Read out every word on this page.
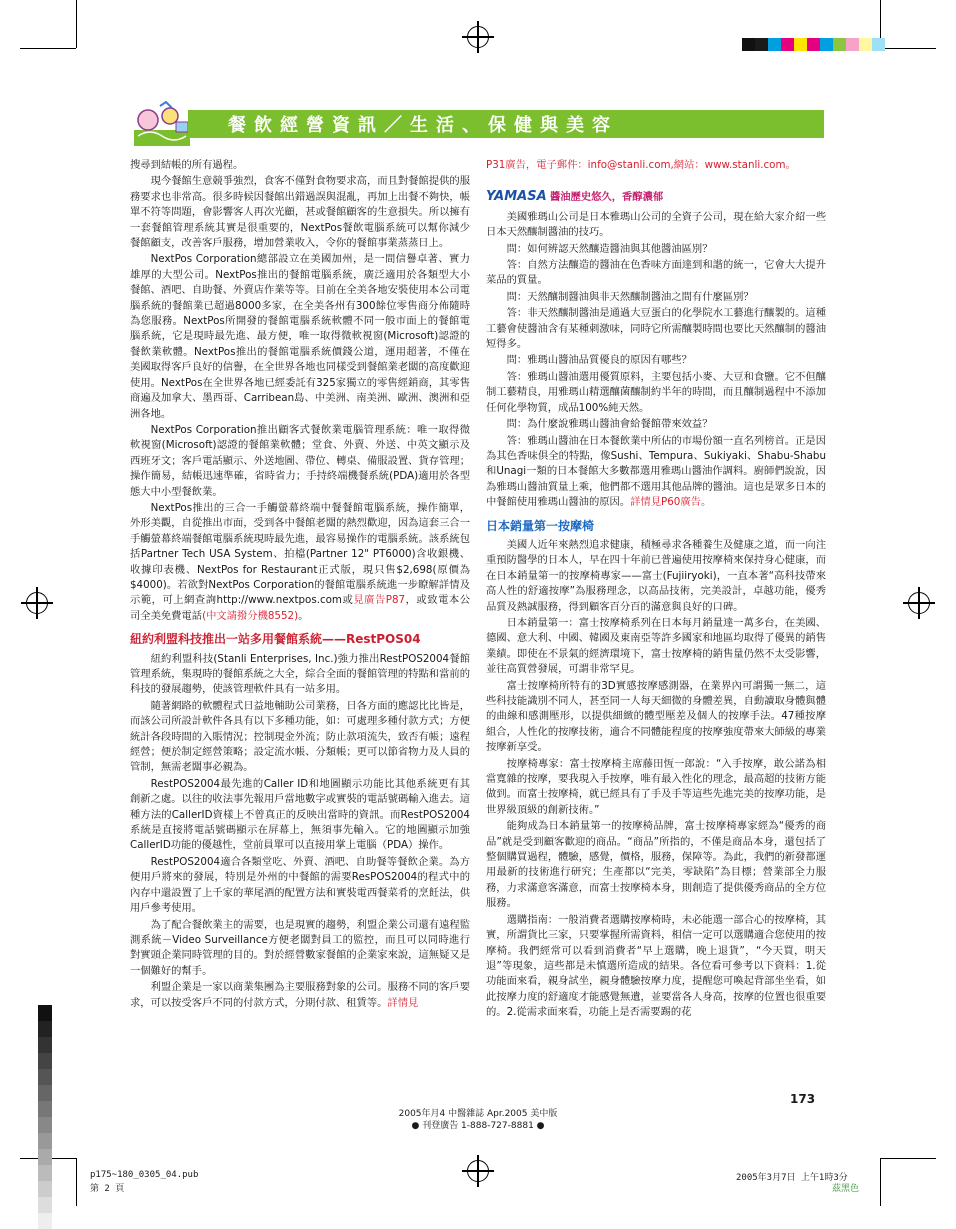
餐飲經營資訊／生活、保健與美容

搜尋到結帳的所有過程。

現今餐館生意競爭強烈，食客不僅對食物要求高，而且對餐館提供的服務要求也非常高。很多時候因餐館出錯過誤與混亂，再加上出餐不夠快，帳單不符等問題，會影響客人再次光顧，甚或餐館顧客的生意損失。所以擁有一套餐館管理系統其實是很重要的，NextPos餐飲電腦系統可以幫你減少餐館顧支，改善客戶服務，增加營業收入，令你的餐館事業蒸蒸日上。

NextPos Corporation總部設立在美國加州，是一間信譽卓著、實力雄厚的大型公司。NextPos推出的餐館電腦系統，廣泛適用於各類型大小餐館、酒吧、自助餐、外賣店作業等等。目前在全美各地安裝使用本公司電腦系統的餐館業已超過8000多家，在全美各州有300餘位零售商分佈隨時為您服務。NextPos所開發的餐館電腦系統軟體不同一般市面上的餐館電腦系統，它是現時最先進、最方便，唯一取得微軟視窗(Microsoft)認證的餐飲業軟體。NextPos推出的餐館電腦系統價錢公道，運用超著，不僅在美國取得客戶良好的信譽，在全世界各地也同樣受到餐館業老闆的高度歡迎使用。NextPos在全世界各地已經委託有325家獨立的零售經銷商，其零售商遍及加拿大、墨西哥、Carribean島、中美洲、南美洲、歐洲、澳洲和亞洲各地。

NextPos Corporation推出顧客式餐飲業電腦管理系統：唯一取得微軟視窗(Microsoft)認證的餐館業軟體；堂食、外賣、外送、中英文顯示及西班牙文；客戶電話顯示、外送地圖、帶位、轉桌、備服設置、貨存管理；操作簡易，結帳迅速準確，省時省力；手持終端機餐系統(PDA)適用於各型態大中小型餐飲業。

NextPos推出的三合一手觸螢幕終端中餐餐館電腦系統，操作簡單，外形美觀，自從推出市面，受到各中餐館老闆的熱烈歡迎，因為這套三合一手觸螢幕終端餐館電腦系統現時最先進，最容易操作的電腦系統。該系統包括Partner Tech USA System、拍檔(Partner 12" PT6000)含收銀機、收據印表機、NextPos for Restaurant正式版，現只售$2,698(原價為$4000)。若欲對NextPos Corporation的餐館電腦系統進一步瞭解詳情及示範，可上網查詢http://www.nextpos.com或見廣告P87，或致電本公司全美免費電話(中文請撥分機8552)。

紐約利盟科技推出一站多用餐館系統——RestPOS04

紐約利盟科技(Stanli Enterprises, Inc.)強力推出RestPOS2004餐館管理系統，集現時的餐館系統之大全，綜合全面的餐館管理的特點和當前的科技的發展趨勢，使該管理軟件具有一站多用。

隨著網路的軟體程式日益地輔助公司業務，日各方面的應認比比皆是，而該公司所設計軟件各具有以下多種功能，如：可處理多種付款方式；方便統計各段時間的入賬情況；控制現金外流；防止款項流失，致否有帳；遠程經營；便於制定經營策略；設定流水帳、分類帳；更可以節省物力及人員的管制，無需老闆事必親為。

RestPOS2004最先進的Caller ID和地圖顯示功能比其他系統更有其創新之處。以往的收法事先報用戶當地數字或實裝的電話號碼輸入進去。這種方法的CallerID資樣上不曾真正的反映出當時的資訊。而RestPOS2004系統是直接將電話號碼顯示在屏幕上，無須事先輸入。它的地圖顯示加強CallerID功能的優越性，堂前員單可以直接用掌上電腦（PDA）操作。

RestPOS2004適合各類堂吃、外賣、酒吧、自助餐等餐飲企業。為方便用戶將來的發展，特別是外州的中餐館的需要ResPOS2004的程式中的內存中還設置了上千家的華尾酒的配置方法和實裝電西餐菜肴的烹飪法，供用戶參考使用。

為了配合餐飲業主的需要，也是現實的趨勢，利盟企業公司還有遠程監測系統－Video Surveillance方便老闆對員工的監控，而且可以同時進行對實頭企業同時管理的目的。對於經營數家餐館的企業家來說，這無疑又是一個難好的幫手。

利盟企業是一家以商業集團為主要服務對象的公司。服務不同的客戶要求，可以按受客戶不同的付款方式，分期付款、租賃等。詳情見

P31廣告，電子郵件：info@stanli.com,網站：www.stanli.com。

YAMASA 醬油歷史悠久，香醇濃郁

美國雅瑪山公司是日本雅瑪山公司的全資子公司，現在給大家介紹一些日本天然釀制醬油的技巧。

問：如何辨認天然釀造醬油與其他醬油區別？

答：自然方法釀造的醬油在色香味方面達到和諧的統一，它會大大提升菜品的質量。

問：天然釀制醬油與非天然釀制醬油之間有什麼區別？

答：非天然釀制醬油是通過大豆蛋白的化學院水工藝進行釀製的。這種工藝會使醬油含有某種刺激味，同時它所需釀製時間也要比天然釀制的醬油短得多。

問：雅瑪山醬油品質優良的原因有哪些？

答：雅瑪山醬油選用優質原料，主要包括小麥、大豆和食鹽。它不但釀制工藝精良，用雅瑪山精選釀菌釀制約半年的時間，而且釀制過程中不添加任何化學物質，成品100%純天然。

問：為什麼說雅瑪山醬油會給餐館帶來效益？

答：雅瑪山醬油在日本餐飲業中所佔的市場份額一直名列榜首。正是因為其色香味俱全的特點，像Sushi、Tempura、Sukiyaki、Shabu-Shabu和Unagi一類的日本餐館大多數都選用雅瑪山醬油作調料。廚師們說說，因為雅瑪山醬油質量上乘，他們都不選用其他品牌的醬油。這也是眾多日本的中餐館使用雅瑪山醬油的原因。詳情見P60廣告。

日本銷量第一按摩椅

美國人近年來熱烈追求健康，積極尋求各種養生及健康之道，而一向注重預防醫學的日本人，早在四十年前已普遍使用按摩椅來保持身心健康，而在日本銷量第一的按摩椅專家——富士(Fujiiryoki)，一直本著“高科技帶來高人性的舒適按摩”為服務理念，以高品技術，完美設計，卓越功能，優秀品質及熱誠服務，得到顧客百分百的滿意與良好的口碑。

日本銷量第一：富士按摩椅系列在日本每月銷量達一萬多台，在美國、德國、意大利、中國、韓國及東南亞等許多國家和地區均取得了優異的銷售業績。即使在不景氣的經濟環境下，富士按摩椅的銷售量仍然不太受影響，並往高質營發展，可謂非常罕見。

富士按摩椅所特有的3D實感按摩感測器，在業界內可謂獨一無二，這些科技能識別不同人，甚至同一人每天細微的身體差異，自動讀取身體與體的曲線和感測壓形，以提供細緻的體型壓差及個人的按摩手法。47種按摩組合，人性化的按摩技術，適合不同體能程度的按摩強度帶來大師級的專業按摩新享受。

按摩椅專家：富士按摩椅主席藤田恆一郎說：“入手按摩，敢公諾為相當寬雜的按摩，要我現入手按摩，唯有最入性化的理念，最高超的技術方能做到。而富士按摩椅，就已經具有了手及手等這些先進完美的按摩功能，是世界級頂級的創新技術。”

能夠成為日本銷量第一的按摩椅品牌，富士按摩椅專家經為“優秀的商品”就是受到顧客歡迎的商品。“商品”所指的，不僅是商品本身，還包括了整個購買過程，體驗，感覺，價格，服務，保障等。為此，我們的新發都運用最新的技術進行研究；生產都以“完美，零缺陷”為目標；營業部全力服務，力求滿意客滿意，而富士按摩椅本身，則創造了提供優秀商品的全方位服務。

選購指南：一般消費者選購按摩椅時，未必能選一部合心的按摩椅，其實，所謂貨比三家，只要掌握所需資料，相信一定可以選購適合您使用的按摩椅。我們經常可以看到消費者“早上選購，晚上退貨”，“今天買，明天退”等現象，這些都是未慎選所造成的結果。各位看可參考以下資料：1.從功能面來看，親身試坐，親身體驗按摩力度，提醒您可喚起背部坐坐看，如此按摩力度的舒適度才能感覺無遺，並要當各人身高，按摩的位置也很重要的。2.從需求面來看，功能上是否需要踢的花

173
2005年月4 中醫雜誌 Apr.2005 美中版
● 刊登廣告 1-888-727-8881 ●
p175~180_0305_04.pub
第 2 頁
2005年3月7日 上午1時3分
茲黑色
